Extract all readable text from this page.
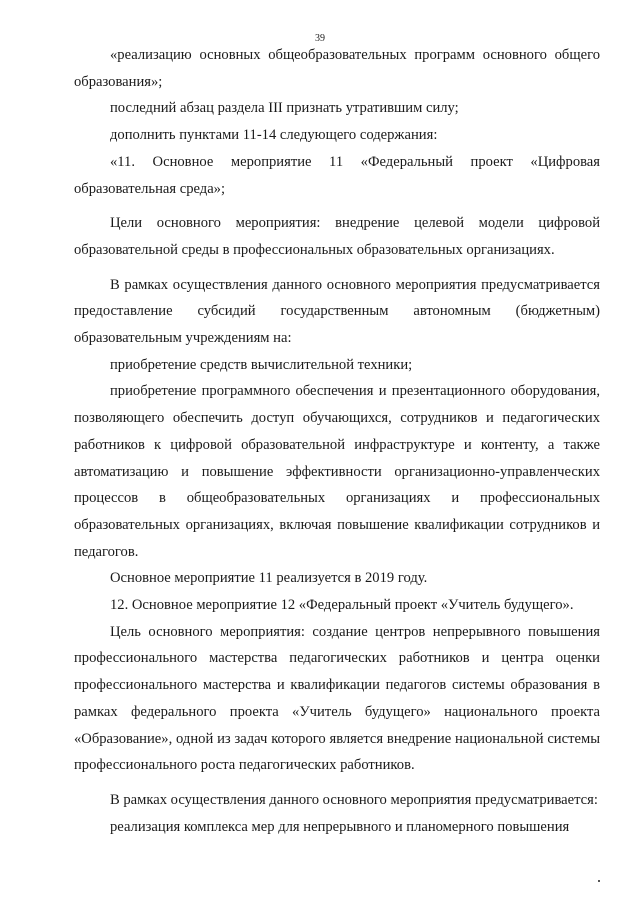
39

«реализацию основных общеобразовательных программ основного общего образования»;

последний абзац раздела III признать утратившим силу;

дополнить пунктами 11-14 следующего содержания:

«11. Основное мероприятие 11 «Федеральный проект «Цифровая образовательная среда»;

Цели основного мероприятия: внедрение целевой модели цифровой образовательной среды в профессиональных образовательных организациях.

В рамках осуществления данного основного мероприятия предусматривается предоставление субсидий государственным автономным (бюджетным) образовательным учреждениям на:

приобретение средств вычислительной техники;

приобретение программного обеспечения и презентационного оборудования, позволяющего обеспечить доступ обучающихся, сотрудников и педагогических работников к цифровой образовательной инфраструктуре и контенту, а также автоматизацию и повышение эффективности организационно-управленческих процессов в общеобразовательных организациях и профессиональных образовательных организациях, включая повышение квалификации сотрудников и педагогов.

Основное мероприятие 11 реализуется в 2019 году.

12. Основное мероприятие 12 «Федеральный проект «Учитель будущего».

Цель основного мероприятия: создание центров непрерывного повышения профессионального мастерства педагогических работников и центра оценки профессионального мастерства и квалификации педагогов системы образования в рамках федерального проекта «Учитель будущего» национального проекта «Образование», одной из задач которого является внедрение национальной системы профессионального роста педагогических работников.

В рамках осуществления данного основного мероприятия предусматривается:

реализация комплекса мер для непрерывного и планомерного повышения
